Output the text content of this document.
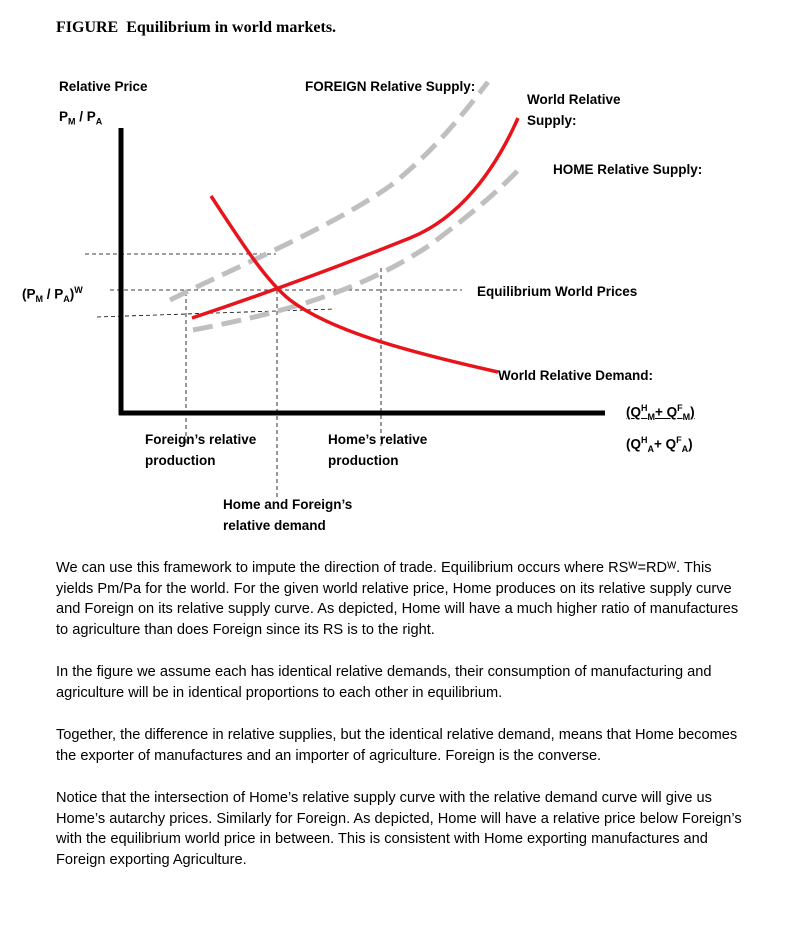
FIGURE Equilibrium in world markets.
Relative Price
$P_M / P_A$
$(P_M / P_A)^W$
$(Q^H_M+ Q^F_M)$
$(Q^H_A+ Q^F_A)$
FOREIGN Relative Supply:
World Relative
Supply:
HOME Relative Supply:
Equilibrium World Prices
World Relative Demand:
Foreign’s relative
production
Home’s relative
production
Home and Foreign’s
relative demand

We can use this framework to impute the direction of trade. Equilibrium occurs where RSᵂ=RDᵂ. This yields Pm/Pa for the world. For the given world relative price, Home produces on its relative supply curve and Foreign on its relative supply curve. As depicted, Home will have a much higher ratio of manufactures to agriculture than does Foreign since its RS is to the right.

In the figure we assume each has identical relative demands, their consumption of manufacturing and agriculture will be in identical proportions to each other in equilibrium.

Together, the difference in relative supplies, but the identical relative demand, means that Home becomes the exporter of manufactures and an importer of agriculture. Foreign is the converse.

Notice that the intersection of Home’s relative supply curve with the relative demand curve will give us Home’s autarchy prices. Similarly for Foreign. As depicted, Home will have a relative price below Foreign’s with the equilibrium world price in between. This is consistent with Home exporting manufactures and Foreign exporting Agriculture.
